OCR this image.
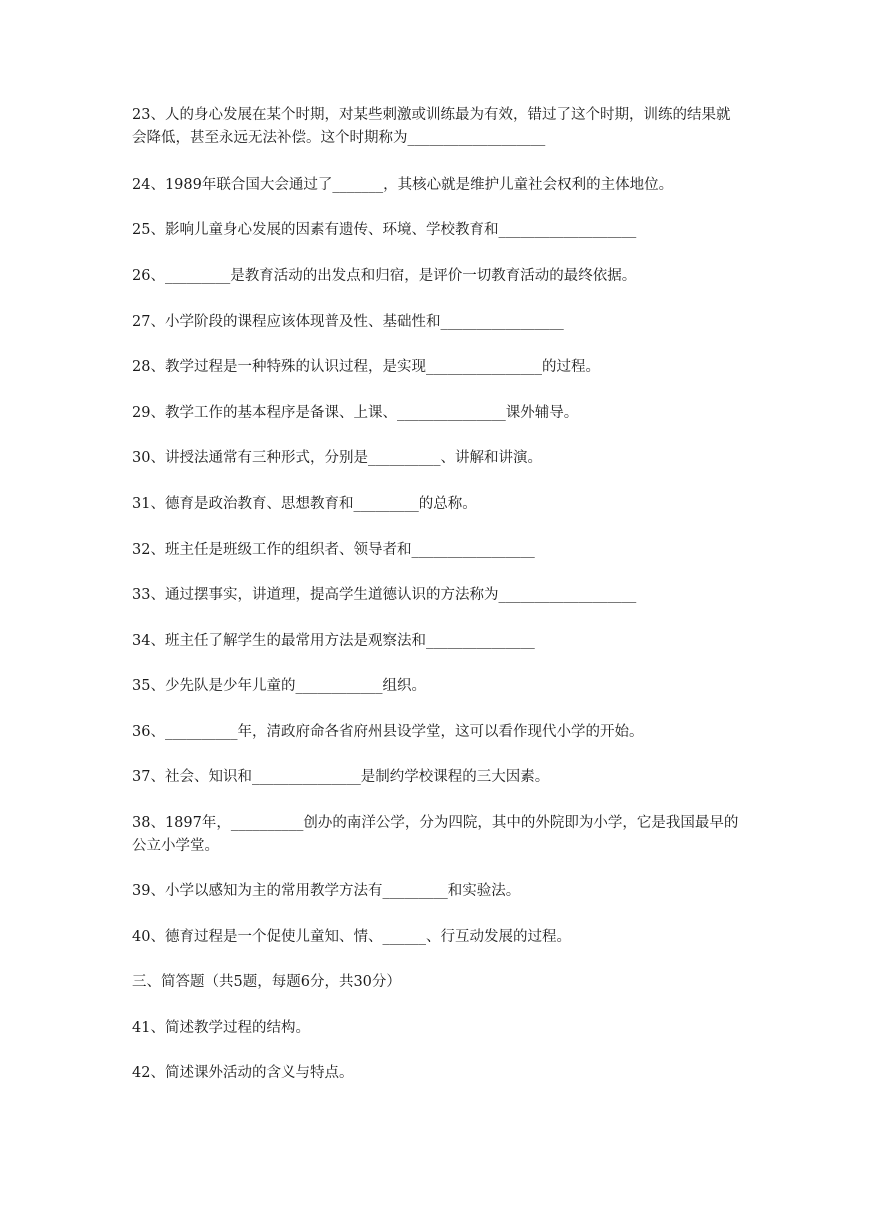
23、人的身心发展在某个时期，对某些刺激或训练最为有效，错过了这个时期，训练的结果就会降低，甚至永远无法补偿。这个时期称为___________________

24、1989年联合国大会通过了_______，其核心就是维护儿童社会权利的主体地位。

25、影响儿童身心发展的因素有遗传、环境、学校教育和___________________

26、_________是教育活动的出发点和归宿，是评价一切教育活动的最终依据。

27、小学阶段的课程应该体现普及性、基础性和_________________

28、教学过程是一种特殊的认识过程，是实现________________的过程。

29、教学工作的基本程序是备课、上课、_______________课外辅导。

30、讲授法通常有三种形式，分别是__________、讲解和讲演。

31、德育是政治教育、思想教育和_________的总称。

32、班主任是班级工作的组织者、领导者和_________________

33、通过摆事实，讲道理，提高学生道德认识的方法称为___________________

34、班主任了解学生的最常用方法是观察法和_______________

35、少先队是少年儿童的____________组织。

36、__________年，清政府命各省府州县设学堂，这可以看作现代小学的开始。

37、社会、知识和_______________是制约学校课程的三大因素。

38、1897年，__________创办的南洋公学，分为四院，其中的外院即为小学，它是我国最早的公立小学堂。

39、小学以感知为主的常用教学方法有_________和实验法。

40、德育过程是一个促使儿童知、情、______、行互动发展的过程。

三、简答题（共5题，每题6分，共30分）

41、简述教学过程的结构。

42、简述课外活动的含义与特点。
